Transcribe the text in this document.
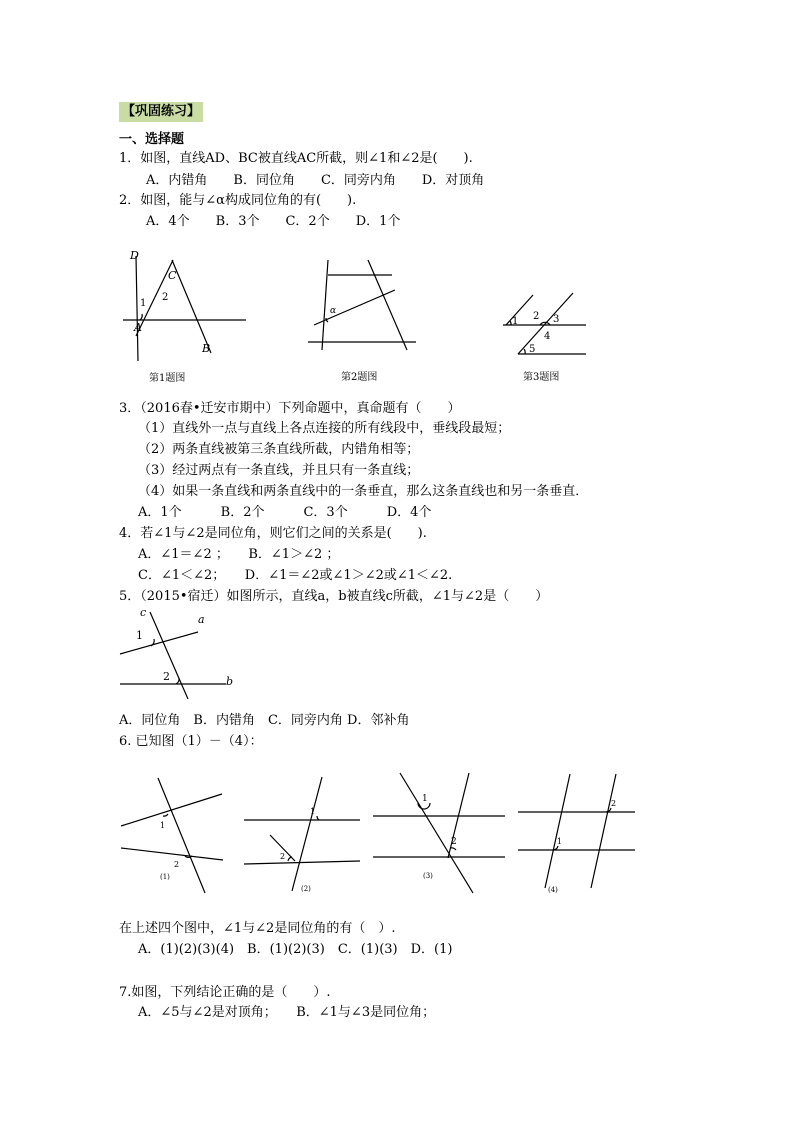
【巩固练习】
一、选择题
1．如图，直线AD、BC被直线AC所截，则∠1和∠2是(　　).
A．内错角　　B．同位角　　C．同旁内角　　D．对顶角
2．如图，能与∠α构成同位角的有(　　).
A．4个　　B．3个　　C．2个　　D．1个
D
C
1
2
A
B
第1题图
α
第2题图
1 2 3
4
5
第3题图
3．（2016春•迁安市期中）下列命题中，真命题有（　　）
（1）直线外一点与直线上各点连接的所有线段中，垂线段最短；
（2）两条直线被第三条直线所截，内错角相等；
（3）经过两点有一条直线，并且只有一条直线；
（4）如果一条直线和两条直线中的一条垂直，那么这条直线也和另一条垂直．
A．1个　　　B．2个　　　C．3个　　　D．4个
4．若∠1与∠2是同位角，则它们之间的关系是(　　).
A．∠1＝∠2 ；　　B．∠1＞∠2 ；
C．∠1＜∠2；　　D．∠1＝∠2或∠1＞∠2或∠1＜∠2.
5．（2015•宿迁）如图所示，直线a，b被直线c所截，∠1与∠2是（　　）
c
1
a
2	b
A．同位角　B．内错角　C．同旁内角 D．邻补角
6. 已知图（1）－（4）：
1
2
(1)
1
2
(2)
1
2
(3)
2
1
(4)
在上述四个图中，∠1与∠2是同位角的有（　）.
A．(1)(2)(3)(4)　B．(1)(2)(3)　C．(1)(3)　D．(1)
7.如图，下列结论正确的是（　　）.
A．∠5与∠2是对顶角；　　B．∠1与∠3是同位角；
